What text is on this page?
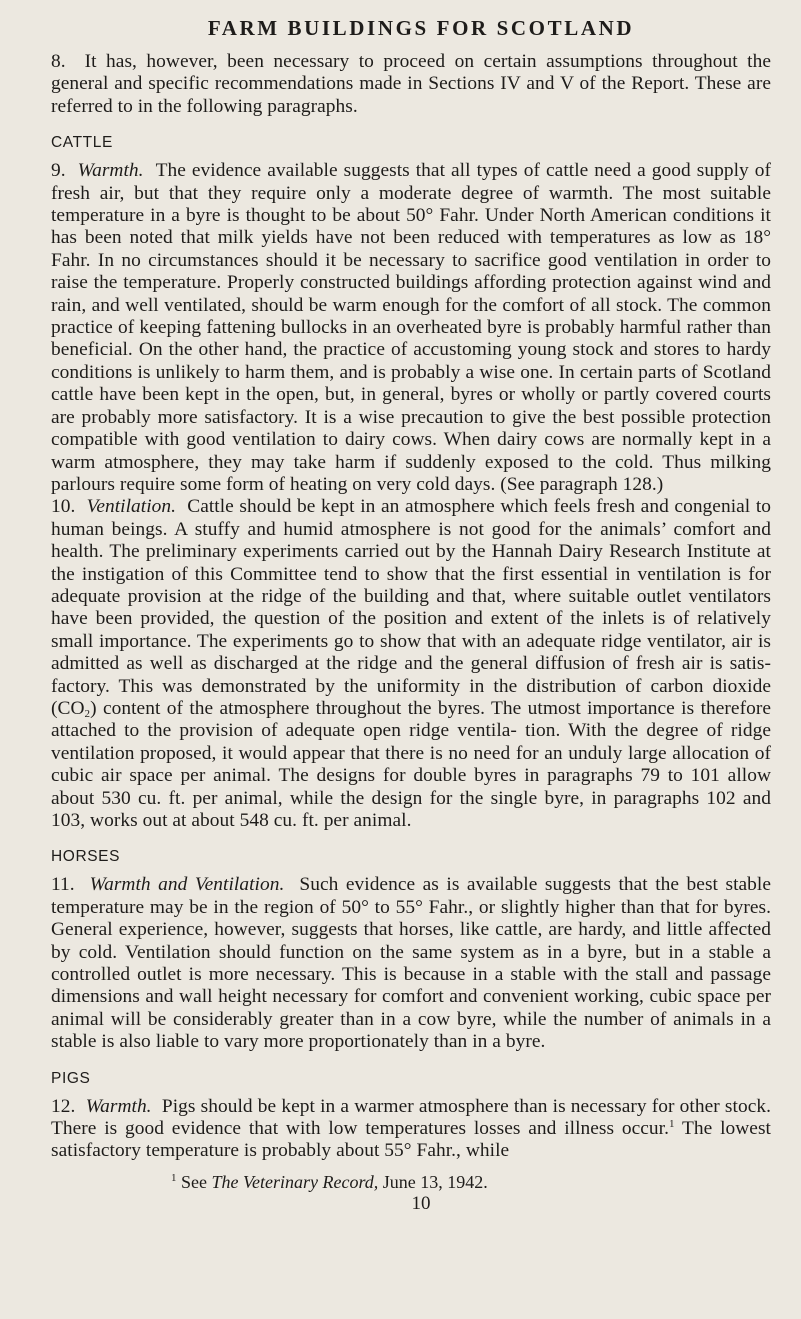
FARM BUILDINGS FOR SCOTLAND

8. It has, however, been necessary to proceed on certain assumptions throughout the general and specific recommendations made in Sections IV and V of the Report. These are referred to in the following paragraphs.

CATTLE

9. Warmth. The evidence available suggests that all types of cattle need a good supply of fresh air, but that they require only a moderate degree of warmth. The most suitable temperature in a byre is thought to be about 50° Fahr. Under North American conditions it has been noted that milk yields have not been reduced with temperatures as low as 18° Fahr. In no circumstances should it be necessary to sacrifice good ventilation in order to raise the temperature. Properly constructed buildings affording protection against wind and rain, and well ventilated, should be warm enough for the comfort of all stock. The common practice of keeping fattening bullocks in an overheated byre is probably harmful rather than beneficial. On the other hand, the practice of accustoming young stock and stores to hardy conditions is unlikely to harm them, and is probably a wise one. In certain parts of Scotland cattle have been kept in the open, but, in general, byres or wholly or partly covered courts are probably more satisfactory. It is a wise precaution to give the best possible protection compatible with good ventilation to dairy cows. When dairy cows are normally kept in a warm atmosphere, they may take harm if suddenly exposed to the cold. Thus milking parlours require some form of heating on very cold days. (See paragraph 128.)

10. Ventilation. Cattle should be kept in an atmosphere which feels fresh and congenial to human beings. A stuffy and humid atmosphere is not good for the animals’ comfort and health. The preliminary experiments carried out by the Hannah Dairy Research Institute at the instigation of this Committee tend to show that the first essential in ventilation is for adequate provision at the ridge of the building and that, where suitable outlet ventilators have been provided, the question of the position and extent of the inlets is of relatively small importance. The experiments go to show that with an adequate ridge ventilator, air is admitted as well as discharged at the ridge and the general diffusion of fresh air is satis- factory. This was demonstrated by the uniformity in the distribution of carbon dioxide $(CO_2)$ content of the atmosphere throughout the byres. The utmost importance is therefore attached to the provision of adequate open ridge ventila- tion. With the degree of ridge ventilation proposed, it would appear that there is no need for an unduly large allocation of cubic air space per animal. The designs for double byres in paragraphs 79 to 101 allow about 530 cu. ft. per animal, while the design for the single byre, in paragraphs 102 and 103, works out at about 548 cu. ft. per animal.

HORSES

11. Warmth and Ventilation. Such evidence as is available suggests that the best stable temperature may be in the region of 50° to 55° Fahr., or slightly higher than that for byres. General experience, however, suggests that horses, like cattle, are hardy, and little affected by cold. Ventilation should function on the same system as in a byre, but in a stable a controlled outlet is more necessary. This is because in a stable with the stall and passage dimensions and wall height necessary for comfort and convenient working, cubic space per animal will be considerably greater than in a cow byre, while the number of animals in a stable is also liable to vary more proportionately than in a byre.

PIGS

12. Warmth. Pigs should be kept in a warmer atmosphere than is necessary for other stock. There is good evidence that with low temperatures losses and illness occur.$^1$ The lowest satisfactory temperature is probably about 55° Fahr., while

$^1$ See The Veterinary Record, June 13, 1942.

10
